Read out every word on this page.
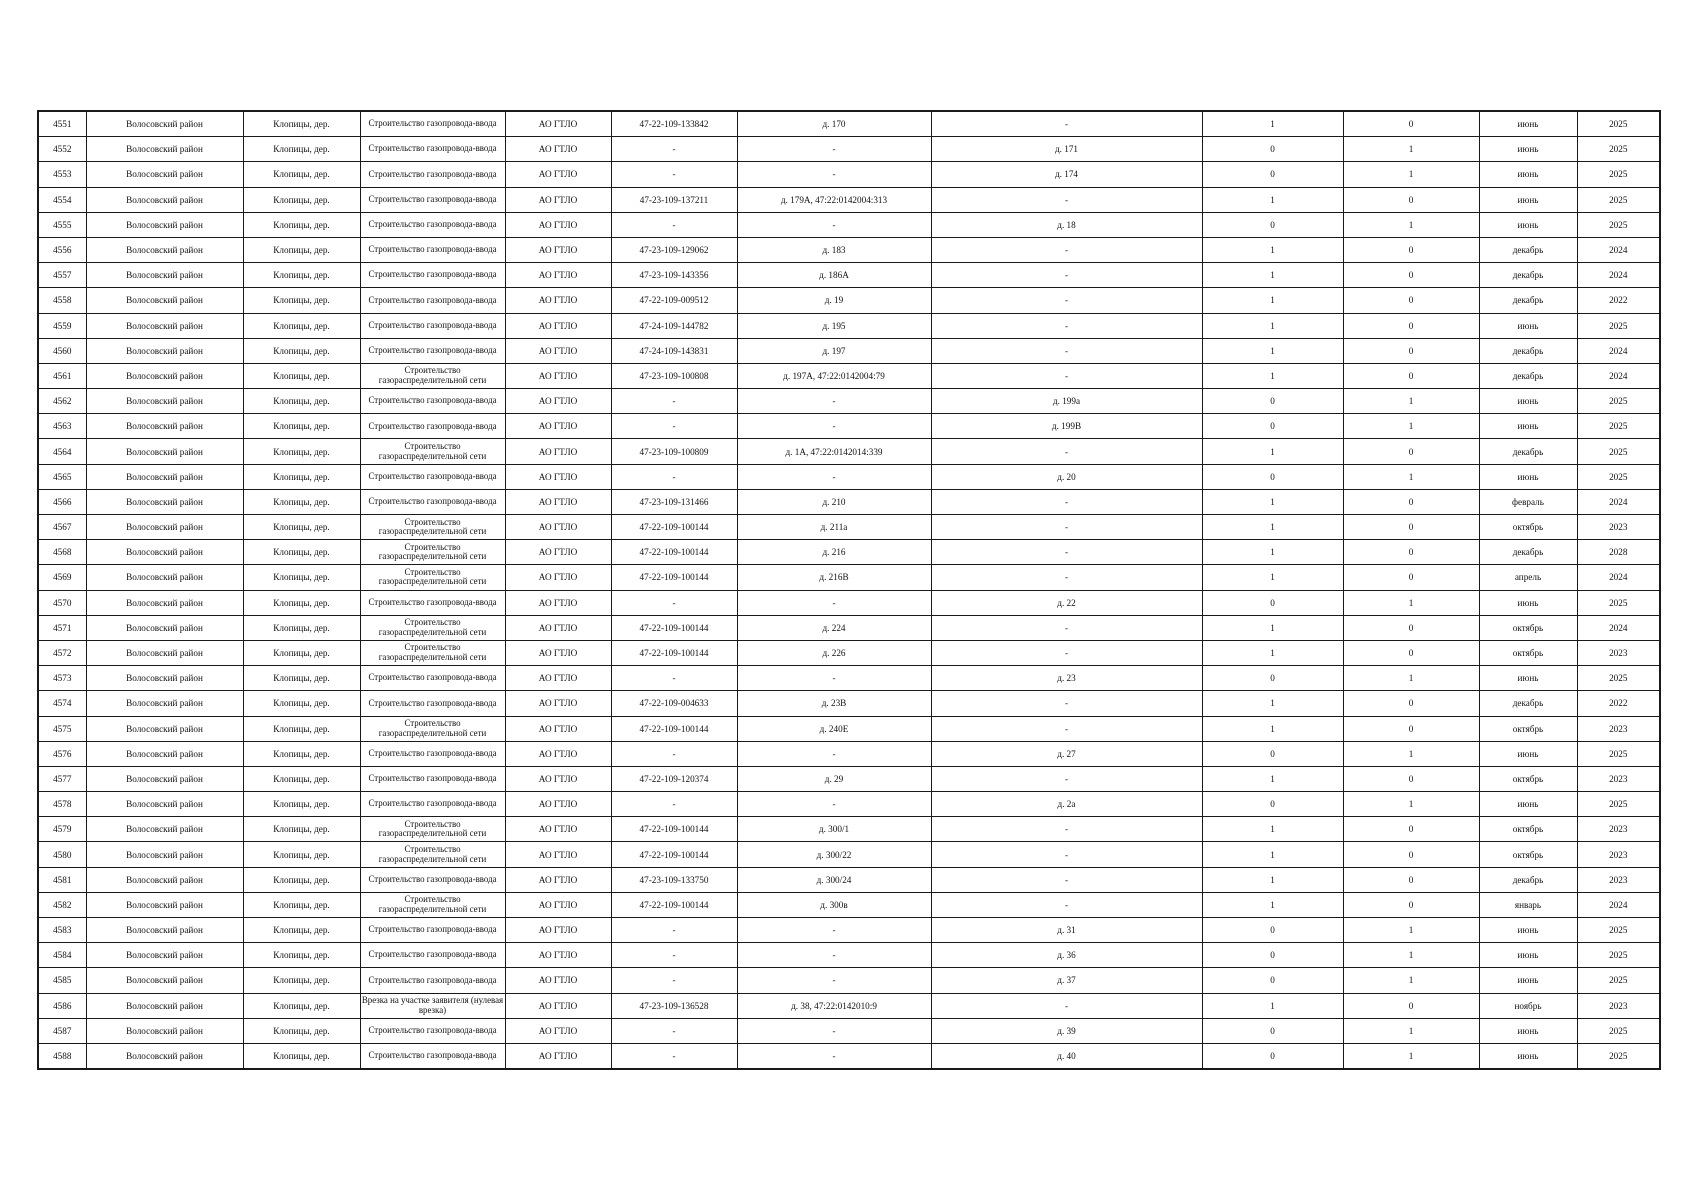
4551	Волосовский район	Клопицы, дер.	Строительство газопровода-ввода	АО ГТЛО	47-22-109-133842	д. 170	-	1	0	июнь	2025
4552	Волосовский район	Клопицы, дер.	Строительство газопровода-ввода	АО ГТЛО	-	-	д. 171	0	1	июнь	2025
4553	Волосовский район	Клопицы, дер.	Строительство газопровода-ввода	АО ГТЛО	-	-	д. 174	0	1	июнь	2025
4554	Волосовский район	Клопицы, дер.	Строительство газопровода-ввода	АО ГТЛО	47-23-109-137211	д. 179А, 47:22:0142004:313	-	1	0	июнь	2025
4555	Волосовский район	Клопицы, дер.	Строительство газопровода-ввода	АО ГТЛО	-	-	д. 18	0	1	июнь	2025
4556	Волосовский район	Клопицы, дер.	Строительство газопровода-ввода	АО ГТЛО	47-23-109-129062	д. 183	-	1	0	декабрь	2024
4557	Волосовский район	Клопицы, дер.	Строительство газопровода-ввода	АО ГТЛО	47-23-109-143356	д. 186А	-	1	0	декабрь	2024
4558	Волосовский район	Клопицы, дер.	Строительство газопровода-ввода	АО ГТЛО	47-22-109-009512	д. 19	-	1	0	декабрь	2022
4559	Волосовский район	Клопицы, дер.	Строительство газопровода-ввода	АО ГТЛО	47-24-109-144782	д. 195	-	1	0	июнь	2025
4560	Волосовский район	Клопицы, дер.	Строительство газопровода-ввода	АО ГТЛО	47-24-109-143831	д. 197	-	1	0	декабрь	2024
4561	Волосовский район	Клопицы, дер.	Строительство газораспределительной сети	АО ГТЛО	47-23-109-100808	д. 197А, 47:22:0142004:79	-	1	0	декабрь	2024
4562	Волосовский район	Клопицы, дер.	Строительство газопровода-ввода	АО ГТЛО	-	-	д. 199а	0	1	июнь	2025
4563	Волосовский район	Клопицы, дер.	Строительство газопровода-ввода	АО ГТЛО	-	-	д. 199В	0	1	июнь	2025
4564	Волосовский район	Клопицы, дер.	Строительство газораспределительной сети	АО ГТЛО	47-23-109-100809	д. 1А, 47:22:0142014:339	-	1	0	декабрь	2025
4565	Волосовский район	Клопицы, дер.	Строительство газопровода-ввода	АО ГТЛО	-	-	д. 20	0	1	июнь	2025
4566	Волосовский район	Клопицы, дер.	Строительство газопровода-ввода	АО ГТЛО	47-23-109-131466	д. 210	-	1	0	февраль	2024
4567	Волосовский район	Клопицы, дер.	Строительство газораспределительной сети	АО ГТЛО	47-22-109-100144	д. 211а	-	1	0	октябрь	2023
4568	Волосовский район	Клопицы, дер.	Строительство газораспределительной сети	АО ГТЛО	47-22-109-100144	д. 216	-	1	0	декабрь	2028
4569	Волосовский район	Клопицы, дер.	Строительство газораспределительной сети	АО ГТЛО	47-22-109-100144	д. 216В	-	1	0	апрель	2024
4570	Волосовский район	Клопицы, дер.	Строительство газопровода-ввода	АО ГТЛО	-	-	д. 22	0	1	июнь	2025
4571	Волосовский район	Клопицы, дер.	Строительство газораспределительной сети	АО ГТЛО	47-22-109-100144	д. 224	-	1	0	октябрь	2024
4572	Волосовский район	Клопицы, дер.	Строительство газораспределительной сети	АО ГТЛО	47-22-109-100144	д. 226	-	1	0	октябрь	2023
4573	Волосовский район	Клопицы, дер.	Строительство газопровода-ввода	АО ГТЛО	-	-	д. 23	0	1	июнь	2025
4574	Волосовский район	Клопицы, дер.	Строительство газопровода-ввода	АО ГТЛО	47-22-109-004633	д. 23В	-	1	0	декабрь	2022
4575	Волосовский район	Клопицы, дер.	Строительство газораспределительной сети	АО ГТЛО	47-22-109-100144	д. 240Е	-	1	0	октябрь	2023
4576	Волосовский район	Клопицы, дер.	Строительство газопровода-ввода	АО ГТЛО	-	-	д. 27	0	1	июнь	2025
4577	Волосовский район	Клопицы, дер.	Строительство газопровода-ввода	АО ГТЛО	47-22-109-120374	д. 29	-	1	0	октябрь	2023
4578	Волосовский район	Клопицы, дер.	Строительство газопровода-ввода	АО ГТЛО	-	-	д. 2а	0	1	июнь	2025
4579	Волосовский район	Клопицы, дер.	Строительство газораспределительной сети	АО ГТЛО	47-22-109-100144	д. 300/1	-	1	0	октябрь	2023
4580	Волосовский район	Клопицы, дер.	Строительство газораспределительной сети	АО ГТЛО	47-22-109-100144	д. 300/22	-	1	0	октябрь	2023
4581	Волосовский район	Клопицы, дер.	Строительство газопровода-ввода	АО ГТЛО	47-23-109-133750	д. 300/24	-	1	0	декабрь	2023
4582	Волосовский район	Клопицы, дер.	Строительство газораспределительной сети	АО ГТЛО	47-22-109-100144	д. 300в	-	1	0	январь	2024
4583	Волосовский район	Клопицы, дер.	Строительство газопровода-ввода	АО ГТЛО	-	-	д. 31	0	1	июнь	2025
4584	Волосовский район	Клопицы, дер.	Строительство газопровода-ввода	АО ГТЛО	-	-	д. 36	0	1	июнь	2025
4585	Волосовский район	Клопицы, дер.	Строительство газопровода-ввода	АО ГТЛО	-	-	д. 37	0	1	июнь	2025
4586	Волосовский район	Клопицы, дер.	Врезка на участке заявителя (нулевая врезка)	АО ГТЛО	47-23-109-136528	д. 38, 47:22:0142010:9	-	1	0	ноябрь	2023
4587	Волосовский район	Клопицы, дер.	Строительство газопровода-ввода	АО ГТЛО	-	-	д. 39	0	1	июнь	2025
4588	Волосовский район	Клопицы, дер.	Строительство газопровода-ввода	АО ГТЛО	-	-	д. 40	0	1	июнь	2025
